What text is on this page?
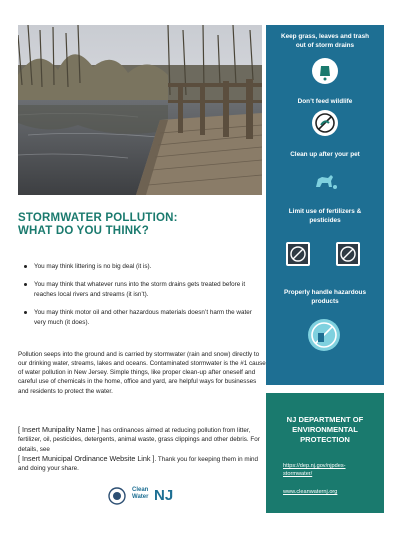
Keep grass, leaves and trash out of storm drains
Don’t feed wildlife
Clean up after your pet
Limit use of fertilizers & pesticides
Properly handle hazardous products
STORMWATER POLLUTION:
WHAT DO YOU THINK?
You may think littering is no big deal (it is).
You may think that whatever runs into the storm drains gets treated before it reaches local rivers and streams (it isn’t).
You may think motor oil and other hazardous materials doesn’t harm the water very much (it does).

Pollution seeps into the ground and is carried by stormwater (rain and snow) directly to our drinking water, streams, lakes and oceans. Contaminated stormwater is the #1 cause of water pollution in New Jersey. Simple things, like proper clean-up after oneself and careful use of chemicals in the home, office and yard, are helpful ways for businesses and residents to protect the water.

[ Insert Munipality Name ] has ordinances aimed at reducing pollution from litter, fertilizer, oil, pesticides, detergents, animal waste, grass clippings and other debris. For details, see
[ Insert Municipal Ordinance Website Link ]. Thank you for keeping them in mind and doing your share.

Clean
Water NJ
NJ DEPARTMENT OF
ENVIRONMENTAL
PROTECTION
https://dep.nj.gov/njpdes-
stormwater/
www.cleanwaternj.org
